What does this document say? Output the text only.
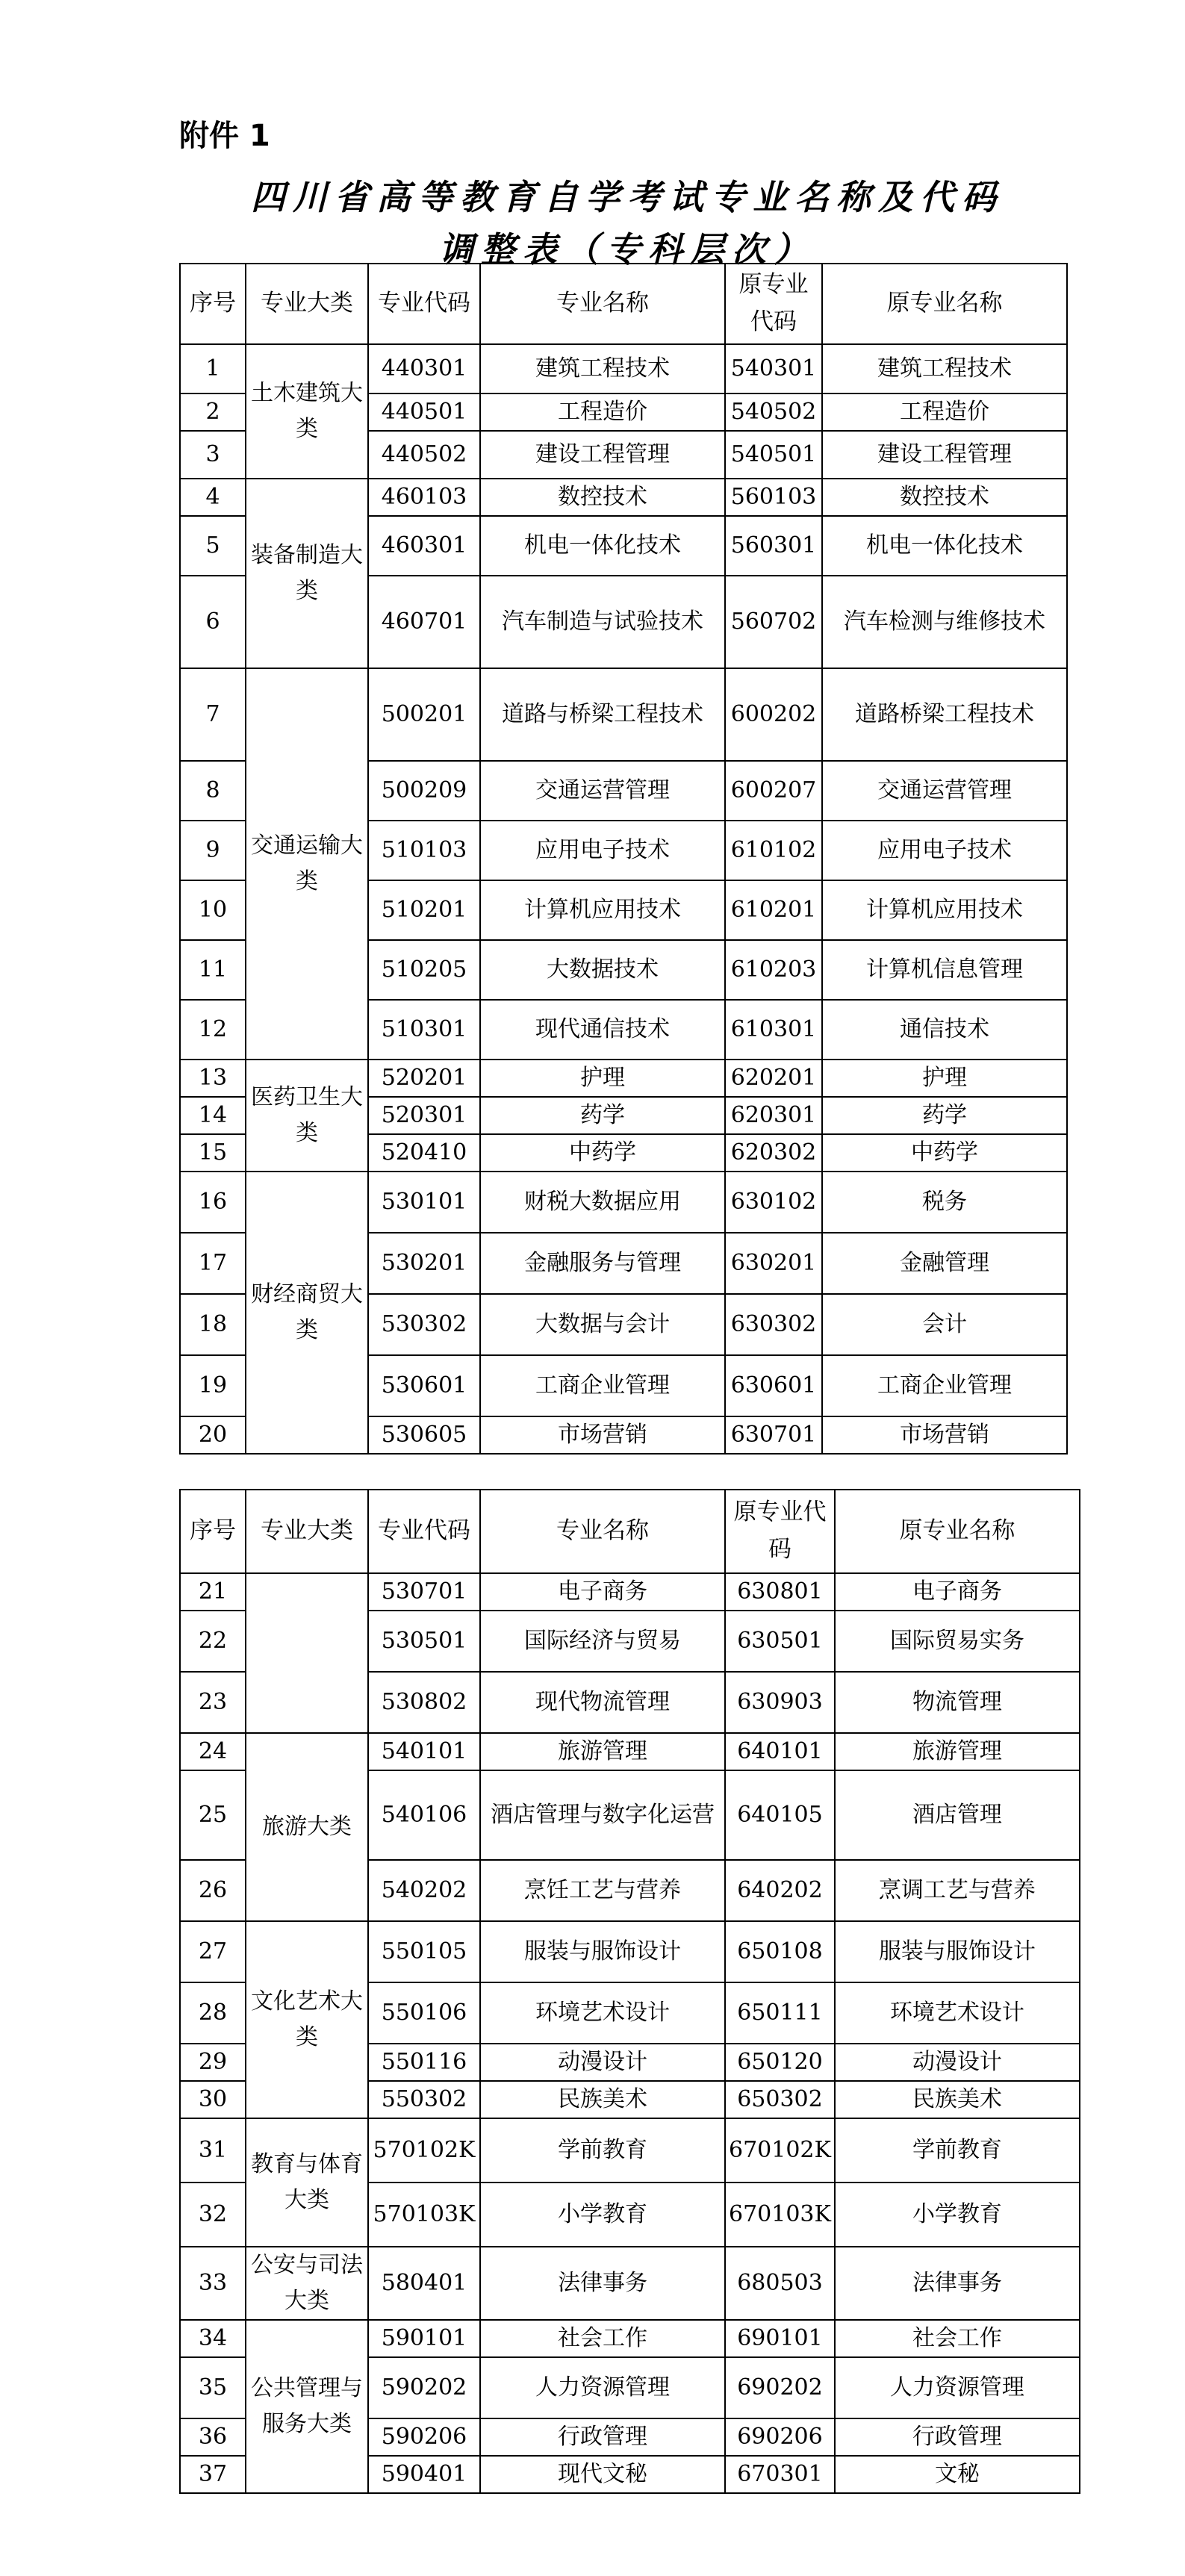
附件 1
四川省高等教育自学考试专业名称及代码
调整表（专科层次）
序号	专业大类	专业代码	专业名称	原专业代码	原专业名称
1	土木建筑大类	440301	建筑工程技术	540301	建筑工程技术
2		440501	工程造价	540502	工程造价
3		440502	建设工程管理	540501	建设工程管理
4	装备制造大类	460103	数控技术	560103	数控技术
5		460301	机电一体化技术	560301	机电一体化技术
6		460701	汽车制造与试验技术	560702	汽车检测与维修技术
7	交通运输大类	500201	道路与桥梁工程技术	600202	道路桥梁工程技术
8		500209	交通运营管理	600207	交通运营管理
9		510103	应用电子技术	610102	应用电子技术
10		510201	计算机应用技术	610201	计算机应用技术
11		510205	大数据技术	610203	计算机信息管理
12		510301	现代通信技术	610301	通信技术
13	医药卫生大类	520201	护理	620201	护理
14		520301	药学	620301	药学
15		520410	中药学	620302	中药学
16	财经商贸大类	530101	财税大数据应用	630102	税务
17		530201	金融服务与管理	630201	金融管理
18		530302	大数据与会计	630302	会计
19		530601	工商企业管理	630601	工商企业管理
20		530605	市场营销	630701	市场营销
序号	专业大类	专业代码	专业名称	原专业代码	原专业名称
21		530701	电子商务	630801	电子商务
22		530501	国际经济与贸易	630501	国际贸易实务
23		530802	现代物流管理	630903	物流管理
24	旅游大类	540101	旅游管理	640101	旅游管理
25		540106	酒店管理与数字化运营	640105	酒店管理
26		540202	烹饪工艺与营养	640202	烹调工艺与营养
27	文化艺术大类	550105	服装与服饰设计	650108	服装与服饰设计
28		550106	环境艺术设计	650111	环境艺术设计
29		550116	动漫设计	650120	动漫设计
30		550302	民族美术	650302	民族美术
31	教育与体育大类	570102K	学前教育	670102K	学前教育
32		570103K	小学教育	670103K	小学教育
33	公安与司法大类	580401	法律事务	680503	法律事务
34	公共管理与服务大类	590101	社会工作	690101	社会工作
35		590202	人力资源管理	690202	人力资源管理
36		590206	行政管理	690206	行政管理
37		590401	现代文秘	670301	文秘
